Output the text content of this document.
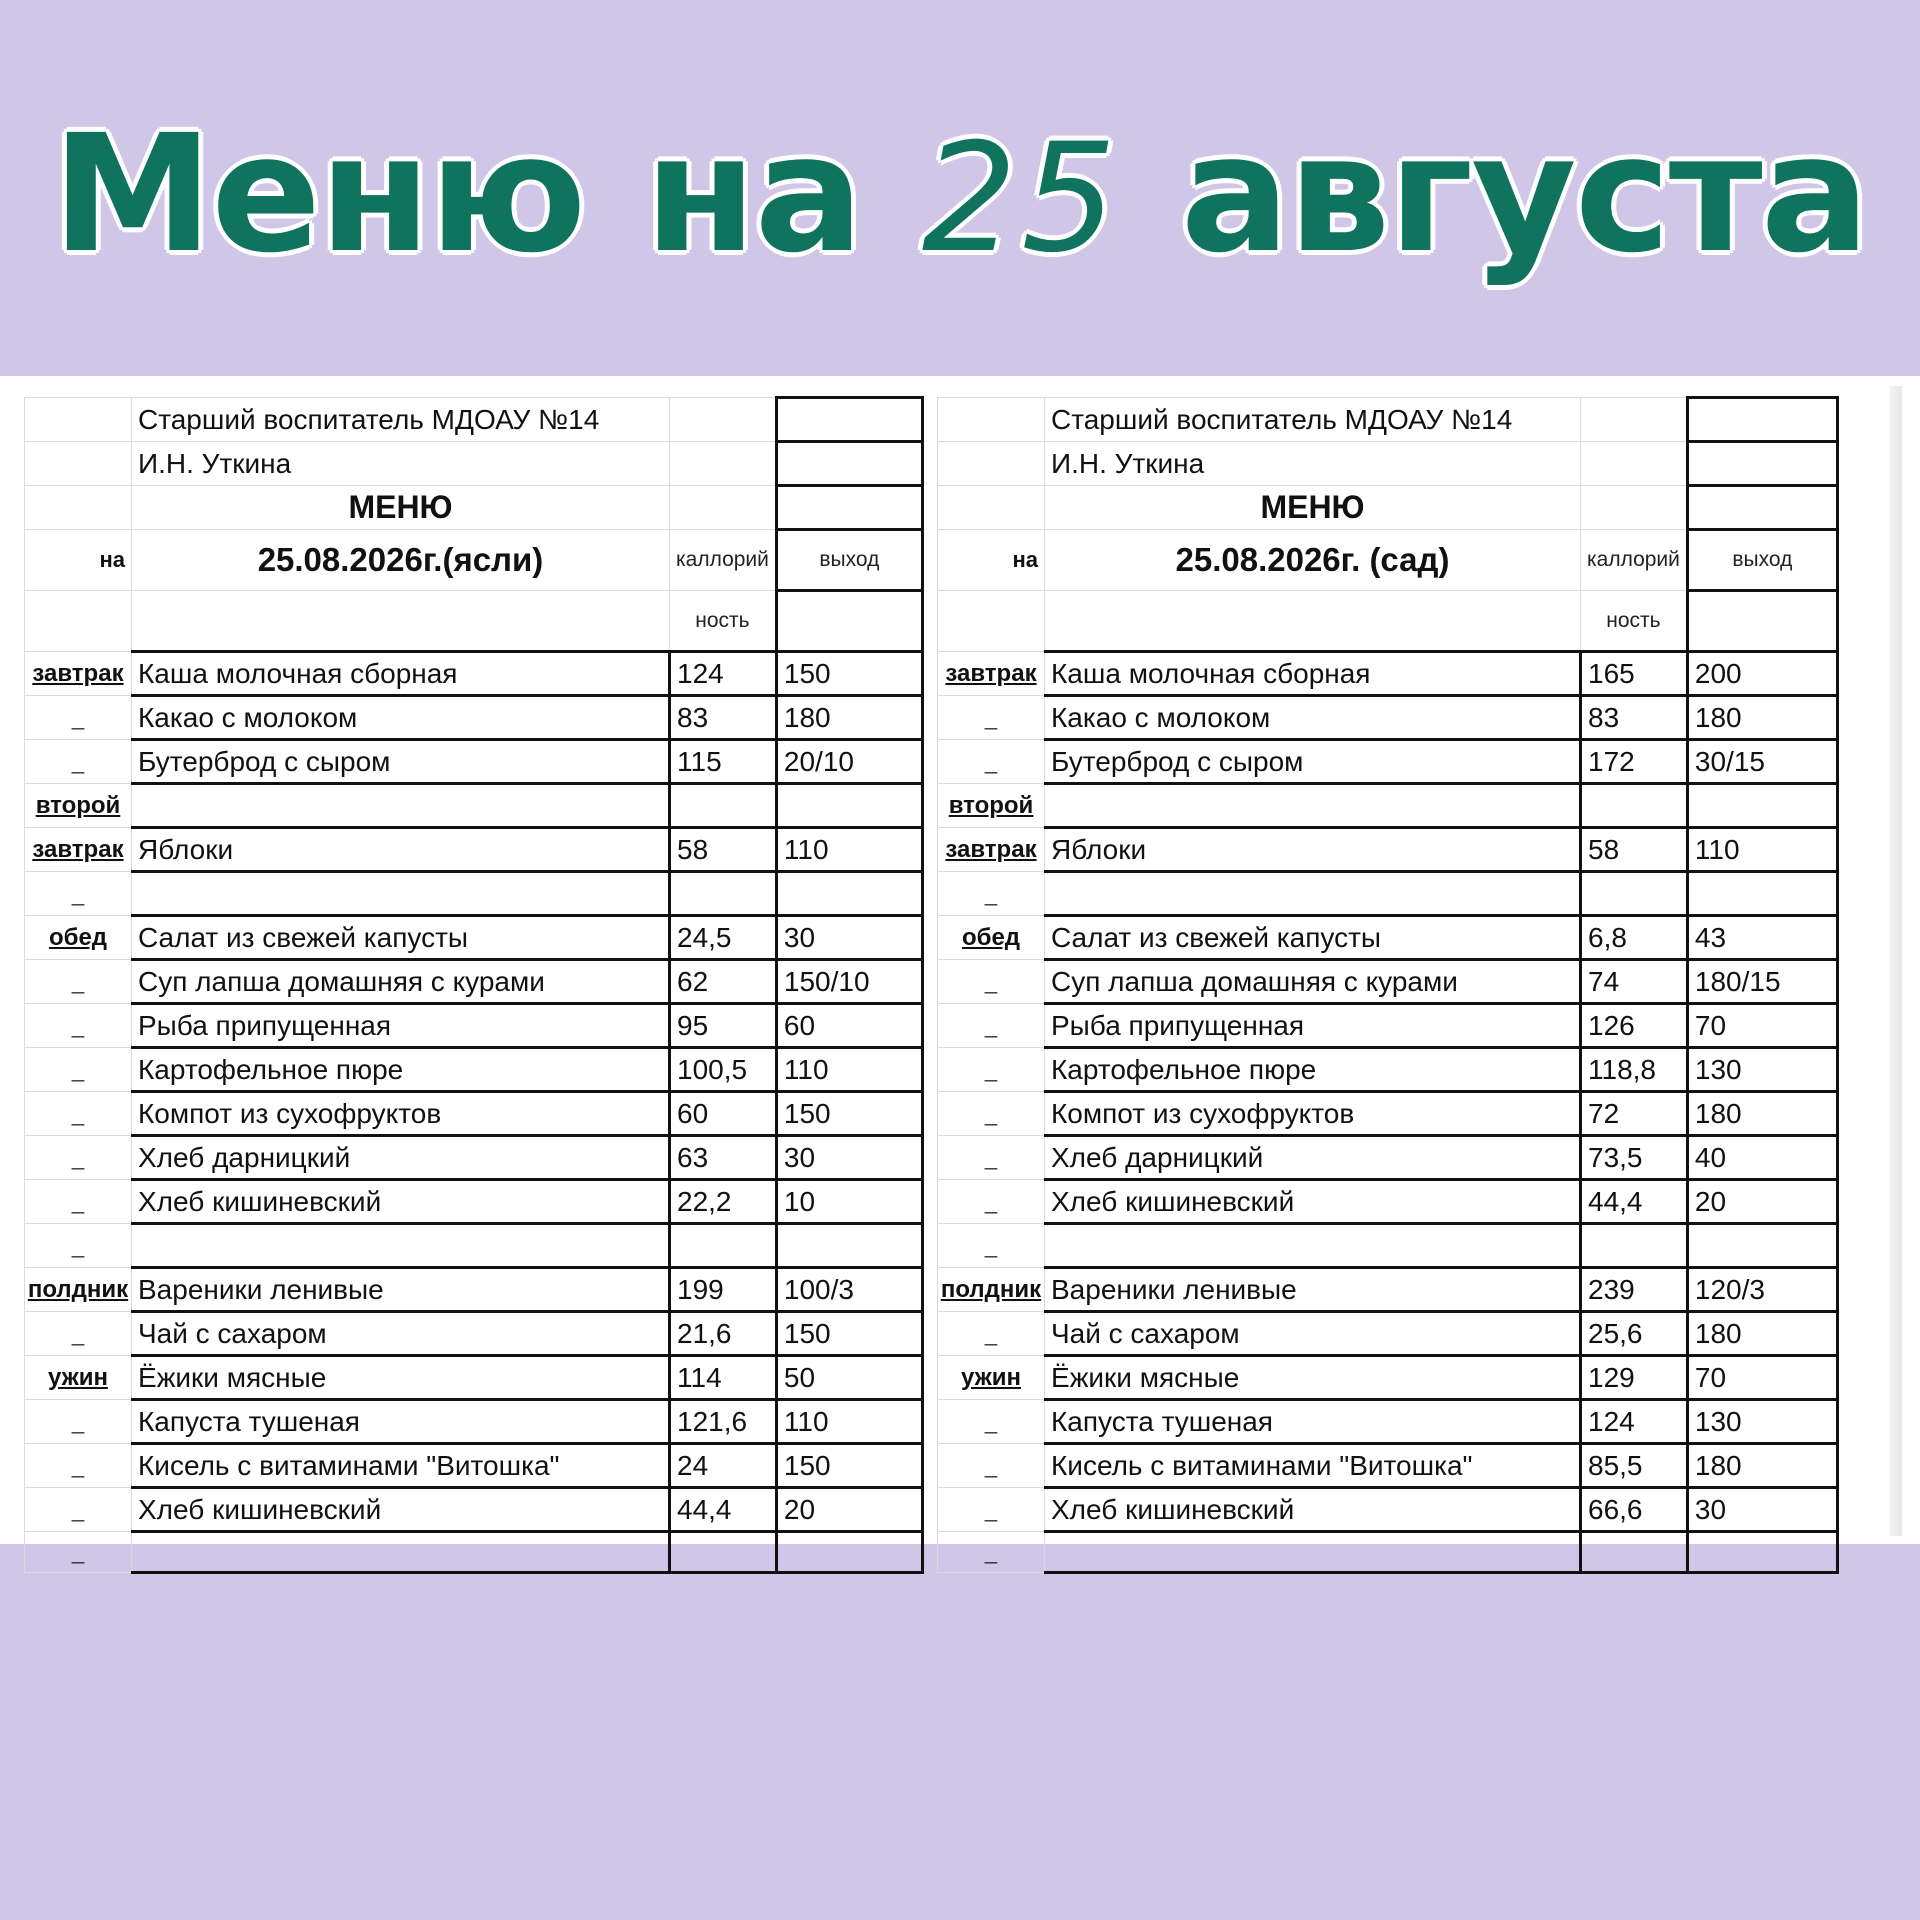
Меню на 25 августа
	Старший воспитатель МДОАУ №14		
	И.Н. Уткина		
	МЕНЮ		
на	25.08.2026г.(ясли)	каллорий	выход
		ность	
завтрак	Каша молочная сборная	124	150
_	Какао с молоком	83	180
_	Бутерброд с сыром	115	20/10
второй			
завтрак	Яблоки	58	110
_			
обед	Салат из свежей капусты	24,5	30
_	Суп лапша домашняя с курами	62	150/10
_	Рыба припущенная	95	60
_	Картофельное пюре	100,5	110
_	Компот из сухофруктов	60	150
_	Хлеб дарницкий	63	30
_	Хлеб кишиневский	22,2	10
_			
полдник	Вареники ленивые	199	100/3
_	Чай с сахаром	21,6	150
ужин	Ёжики мясные	114	50
_	Капуста тушеная	121,6	110
_	Кисель с витаминами "Витошка"	24	150
_	Хлеб кишиневский	44,4	20
_			
	Старший воспитатель МДОАУ №14		
	И.Н. Уткина		
	МЕНЮ		
на	25.08.2026г. (сад)	каллорий	выход
		ность	
завтрак	Каша молочная сборная	165	200
_	Какао с молоком	83	180
_	Бутерброд с сыром	172	30/15
второй			
завтрак	Яблоки	58	110
_			
обед	Салат из свежей капусты	6,8	43
_	Суп лапша домашняя с курами	74	180/15
_	Рыба припущенная	126	70
_	Картофельное пюре	118,8	130
_	Компот из сухофруктов	72	180
_	Хлеб дарницкий	73,5	40
_	Хлеб кишиневский	44,4	20
_			
полдник	Вареники ленивые	239	120/3
_	Чай с сахаром	25,6	180
ужин	Ёжики мясные	129	70
_	Капуста тушеная	124	130
_	Кисель с витаминами "Витошка"	85,5	180
_	Хлеб кишиневский	66,6	30
_			
